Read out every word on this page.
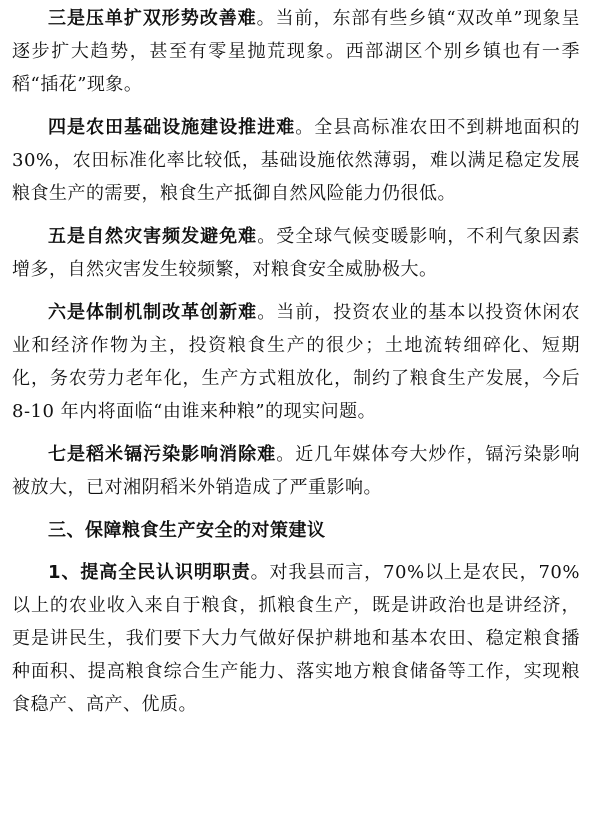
三是压单扩双形势改善难。当前，东部有些乡镇“双改单”现象呈逐步扩大趋势，甚至有零星抛荒现象。西部湖区个别乡镇也有一季稻“插花”现象。

四是农田基础设施建设推进难。全县高标准农田不到耕地面积的 30%，农田标准化率比较低，基础设施依然薄弱，难以满足稳定发展粮食生产的需要，粮食生产抵御自然风险能力仍很低。

五是自然灾害频发避免难。受全球气候变暖影响，不利气象因素增多，自然灾害发生较频繁，对粮食安全威胁极大。

六是体制机制改革创新难。当前，投资农业的基本以投资休闲农业和经济作物为主，投资粮食生产的很少；土地流转细碎化、短期化，务农劳力老年化，生产方式粗放化，制约了粮食生产发展，今后 8-10 年内将面临“由谁来种粮”的现实问题。

七是稻米镉污染影响消除难。近几年媒体夸大炒作，镉污染影响被放大，已对湘阴稻米外销造成了严重影响。

三、保障粮食生产安全的对策建议

1、提高全民认识明职责。对我县而言，70%以上是农民，70%以上的农业收入来自于粮食，抓粮食生产，既是讲政治也是讲经济，更是讲民生，我们要下大力气做好保护耕地和基本农田、稳定粮食播种面积、提高粮食综合生产能力、落实地方粮食储备等工作，实现粮食稳产、高产、优质。
